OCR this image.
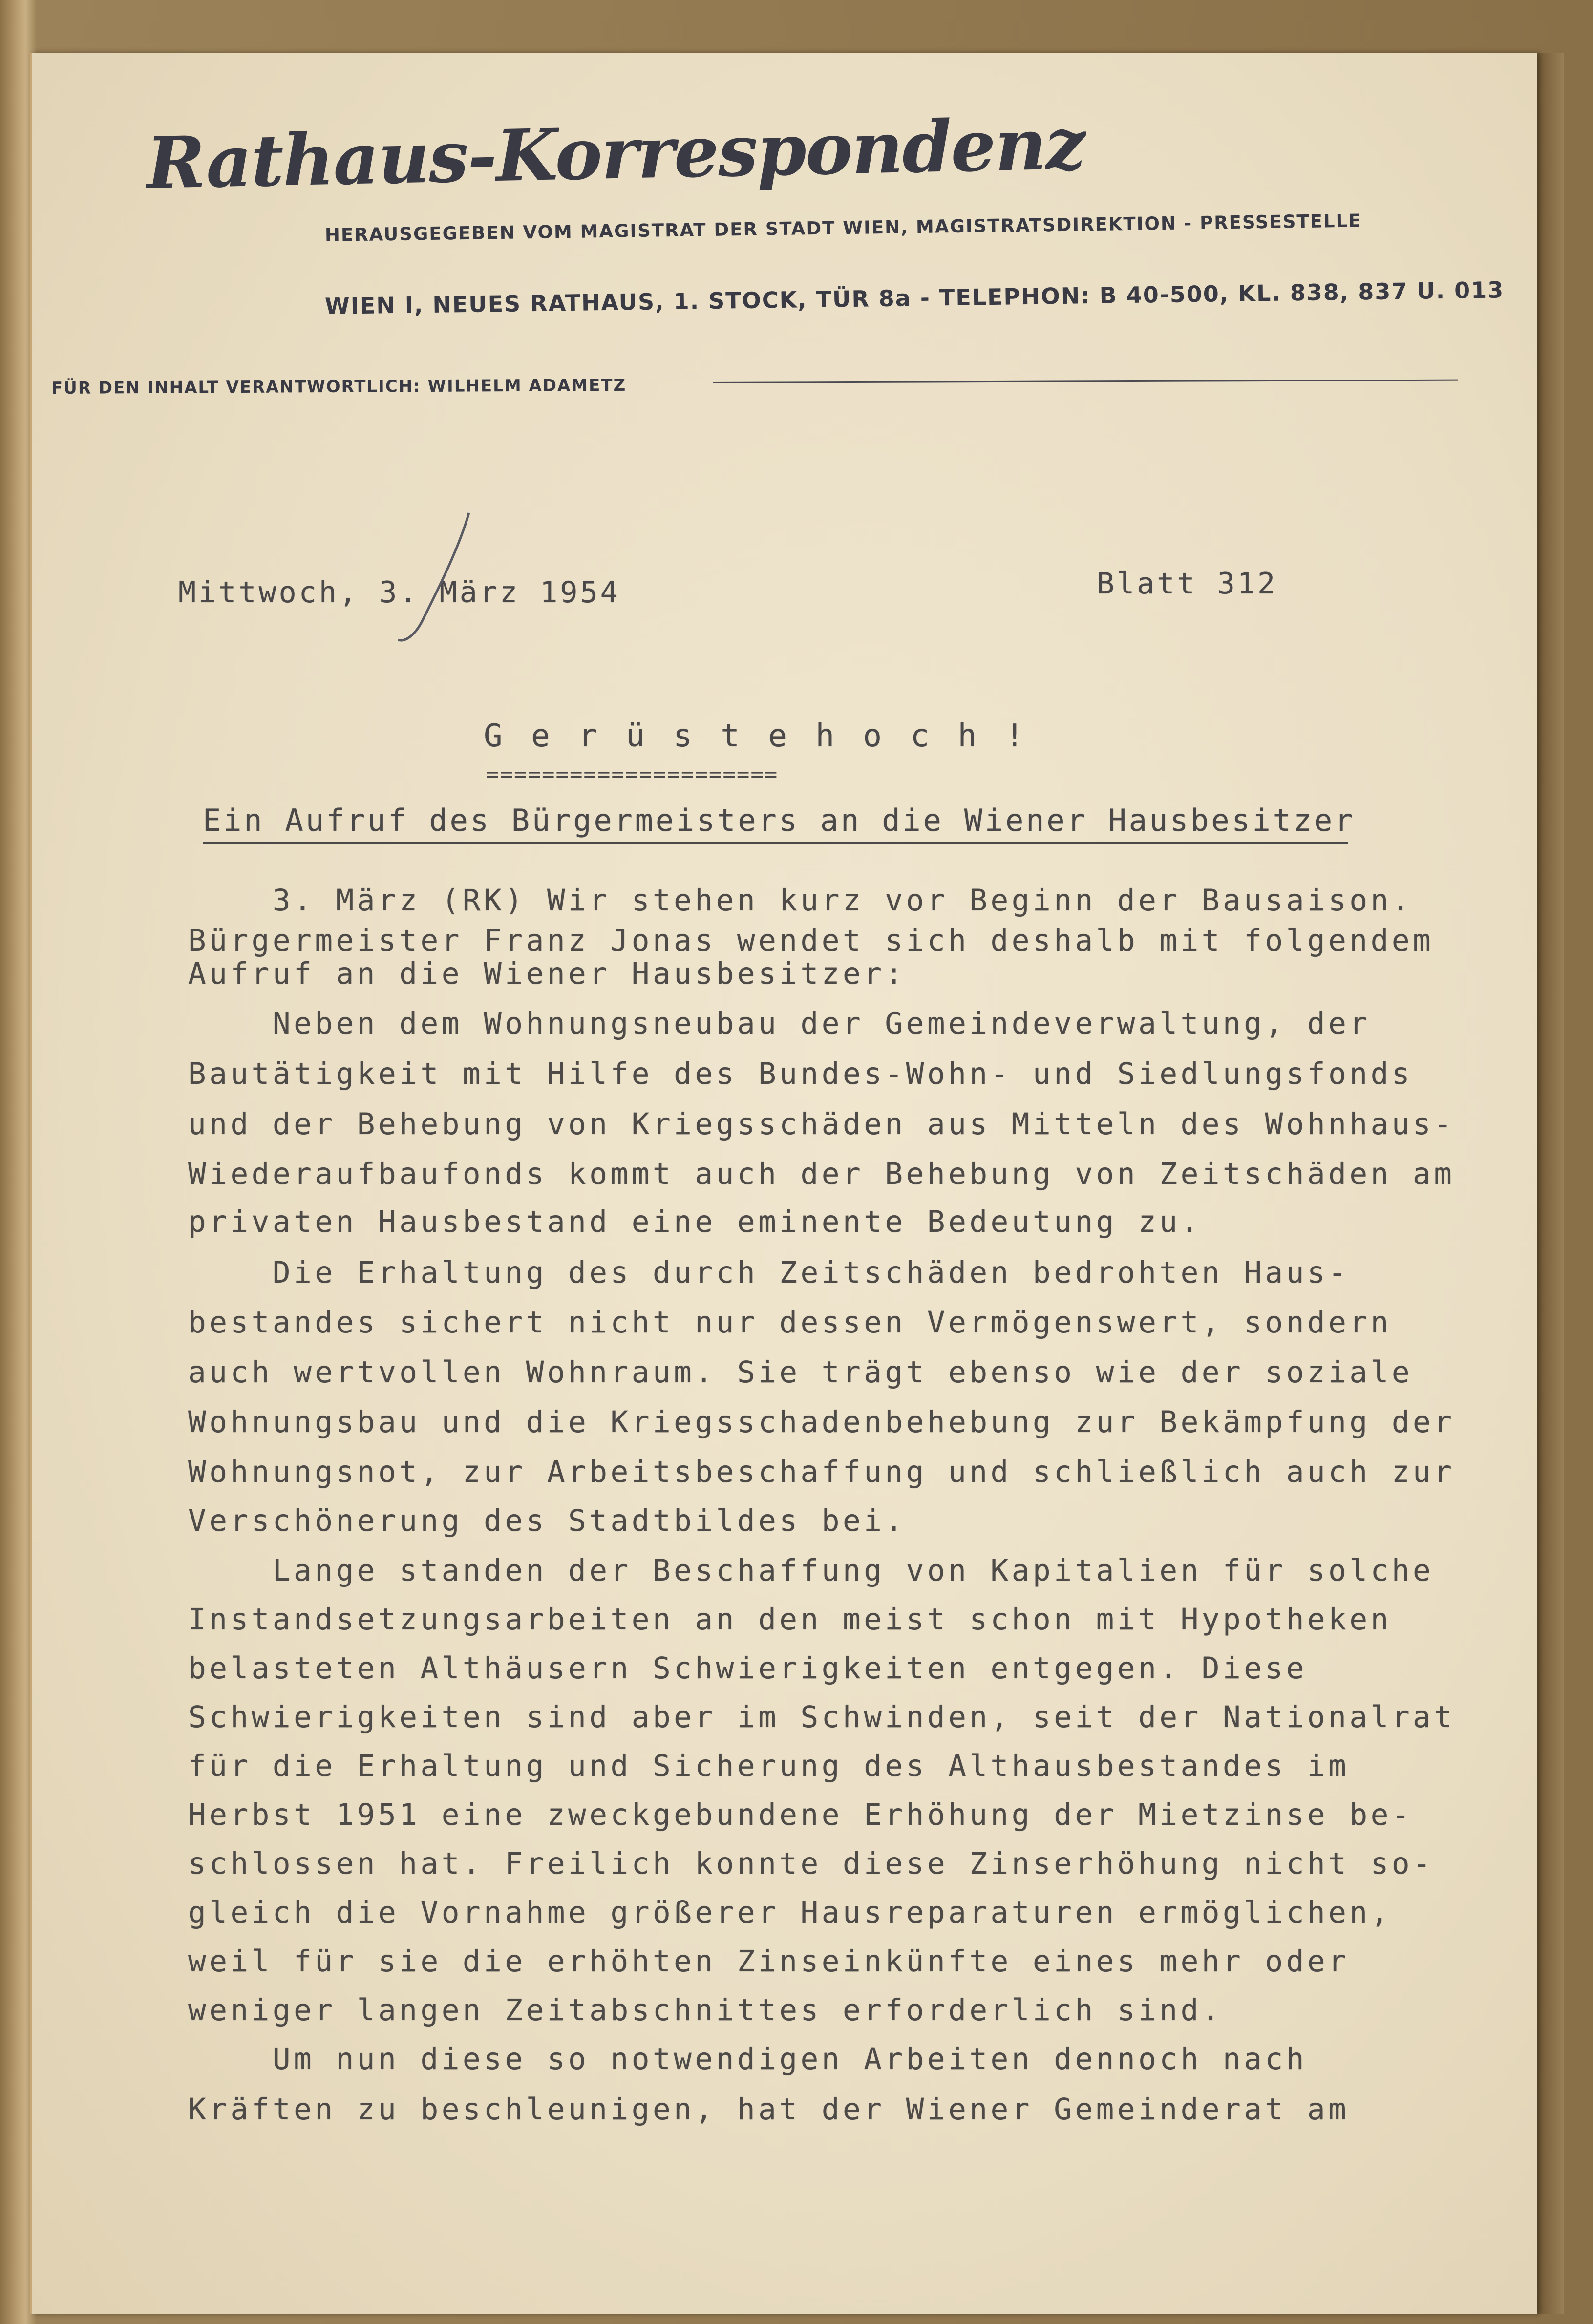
Rathaus-Korrespondenz
HERAUSGEGEBEN VOM MAGISTRAT DER STADT WIEN, MAGISTRATSDIREKTION - PRESSESTELLE
WIEN I, NEUES RATHAUS, 1. STOCK, TÜR 8a - TELEPHON: B 40-500, KL. 838, 837 U. 013
FÜR DEN INHALT VERANTWORTLICH: WILHELM ADAMETZ
Mittwoch, 3. März 1954	Blatt 312
G e r ü s t e h o c h !
=====================
Ein Aufruf des Bürgermeisters an die Wiener Hausbesitzer
3. März (RK) Wir stehen kurz vor Beginn der Bausaison.
Bürgermeister Franz Jonas wendet sich deshalb mit folgendem
Aufruf an die Wiener Hausbesitzer:
Neben dem Wohnungsneubau der Gemeindeverwaltung, der
Bautätigkeit mit Hilfe des Bundes-Wohn- und Siedlungsfonds
und der Behebung von Kriegsschäden aus Mitteln des Wohnhaus-
Wiederaufbaufonds kommt auch der Behebung von Zeitschäden am
privaten Hausbestand eine eminente Bedeutung zu.
Die Erhaltung des durch Zeitschäden bedrohten Haus-
bestandes sichert nicht nur dessen Vermögenswert, sondern
auch wertvollen Wohnraum. Sie trägt ebenso wie der soziale
Wohnungsbau und die Kriegsschadenbehebung zur Bekämpfung der
Wohnungsnot, zur Arbeitsbeschaffung und schließlich auch zur
Verschönerung des Stadtbildes bei.
Lange standen der Beschaffung von Kapitalien für solche
Instandsetzungsarbeiten an den meist schon mit Hypotheken
belasteten Althäusern Schwierigkeiten entgegen. Diese
Schwierigkeiten sind aber im Schwinden, seit der Nationalrat
für die Erhaltung und Sicherung des Althausbestandes im
Herbst 1951 eine zweckgebundene Erhöhung der Mietzinse be-
schlossen hat. Freilich konnte diese Zinserhöhung nicht so-
gleich die Vornahme größerer Hausreparaturen ermöglichen,
weil für sie die erhöhten Zinseinkünfte eines mehr oder
weniger langen Zeitabschnittes erforderlich sind.
Um nun diese so notwendigen Arbeiten dennoch nach
Kräften zu beschleunigen, hat der Wiener Gemeinderat am
